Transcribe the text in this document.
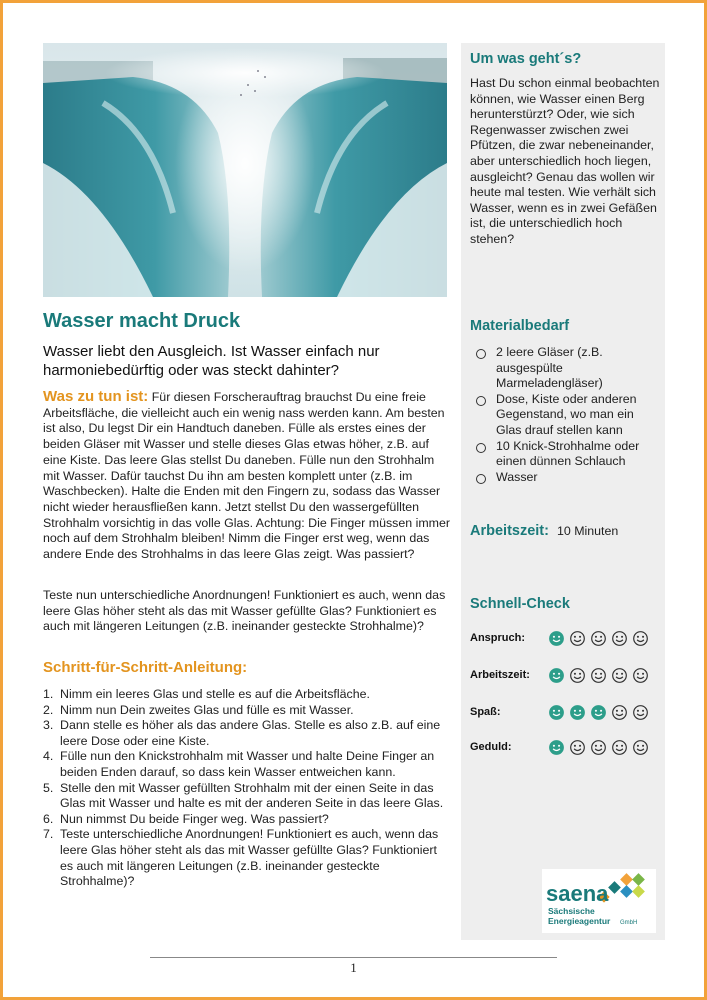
Wasser macht Druck

Wasser liebt den Ausgleich. Ist Wasser einfach nur harmoniebedürftig oder was steckt dahinter?

Was zu tun ist: Für diesen Forscherauftrag brauchst Du eine freie Arbeitsfläche, die vielleicht auch ein wenig nass werden kann. Am besten ist also, Du legst Dir ein Handtuch daneben. Fülle als erstes eines der beiden Gläser mit Wasser und stelle dieses Glas etwas höher, z.B. auf eine Kiste. Das leere Glas stellst Du daneben. Fülle nun den Strohhalm mit Wasser. Dafür tauchst Du ihn am besten komplett unter (z.B. im Waschbecken). Halte die Enden mit den Fingern zu, sodass das Wasser nicht wieder herausfließen kann. Jetzt stellst Du den wassergefüllten Strohhalm vorsichtig in das volle Glas. Achtung: Die Finger müssen immer noch auf dem Strohhalm bleiben! Nimm die Finger erst weg, wenn das andere Ende des Strohhalms in das leere Glas zeigt. Was passiert?

Teste nun unterschiedliche Anordnungen! Funktioniert es auch, wenn das leere Glas höher steht als das mit Wasser gefüllte Glas? Funktioniert es auch mit längeren Leitungen (z.B. ineinander gesteckte Strohhalme)?

Schritt-für-Schritt-Anleitung:
1. Nimm ein leeres Glas und stelle es auf die Arbeitsfläche.
2. Nimm nun Dein zweites Glas und fülle es mit Wasser.
3. Dann stelle es höher als das andere Glas. Stelle es also z.B. auf eine leere Dose oder eine Kiste.
4. Fülle nun den Knickstrohhalm mit Wasser und halte Deine Finger an beiden Enden darauf, so dass kein Wasser entweichen kann.
5. Stelle den mit Wasser gefüllten Strohhalm mit der einen Seite in das Glas mit Wasser und halte es mit der anderen Seite in das leere Glas.
6. Nun nimmst Du beide Finger weg. Was passiert?
7. Teste unterschiedliche Anordnungen! Funktioniert es auch, wenn das leere Glas höher steht als das mit Wasser gefüllte Glas? Funktioniert es auch mit längeren Leitungen (z.B. ineinander gesteckte Strohhalme)?
1
Um was geht´s?

Hast Du schon einmal beobachten können, wie Wasser einen Berg herunterstürzt? Oder, wie sich Regenwasser zwischen zwei Pfützen, die zwar nebeneinander, aber unterschiedlich hoch liegen, ausgleicht? Genau das wollen wir heute mal testen. Wie verhält sich Wasser, wenn es in zwei Gefäßen ist, die unterschiedlich hoch stehen?

Materialbedarf
2 leere Gläser (z.B. ausgespülte Marmeladengläser)
Dose, Kiste oder anderen Gegenstand, wo man ein Glas drauf stellen kann
10 Knick-Strohhalme oder einen dünnen Schlauch
Wasser
Arbeitszeit: 10 Minuten
Schnell-Check
Anspruch:
Arbeitszeit:
Spaß:
Geduld:
saena
Sächsische
Energieagentur GmbH
